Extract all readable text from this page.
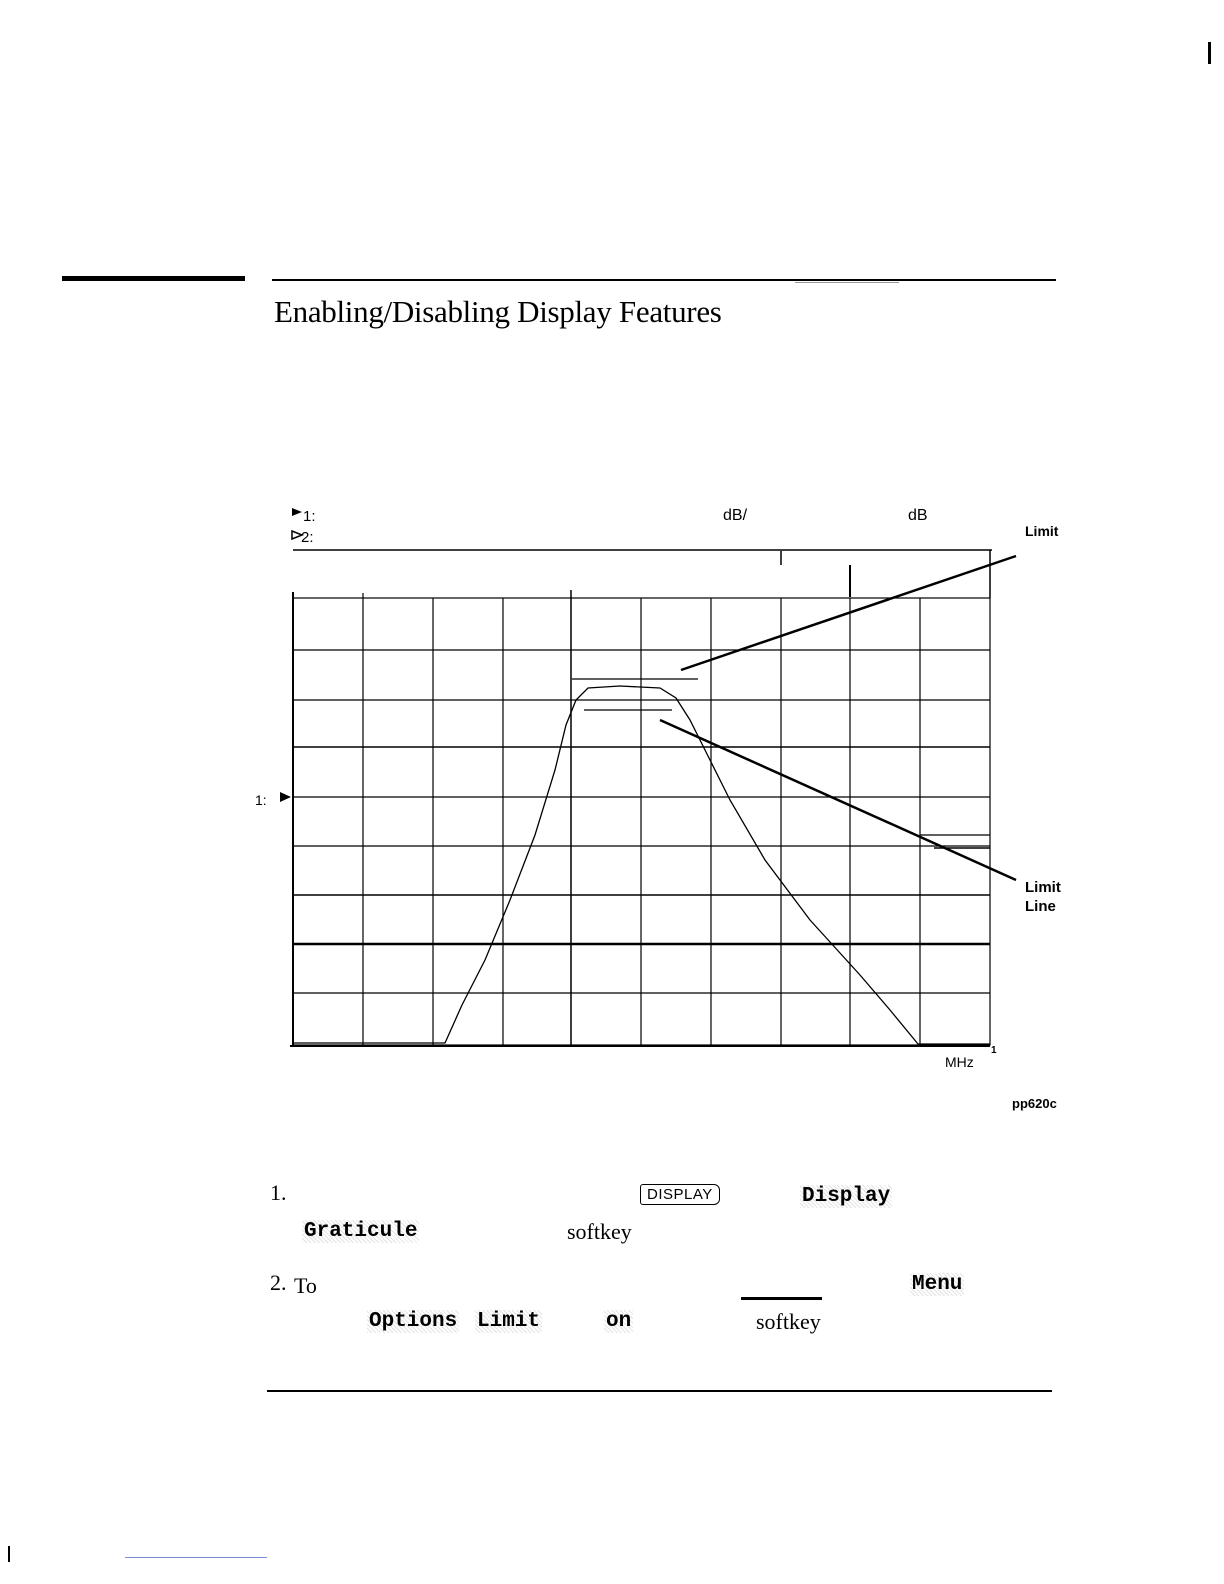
Enabling/Disabling Display Features
1:
2:
dB/	dB
Limit
1:
1
MHz
Limit
Line
pp620c
1.	DISPLAY	Display
Graticule	softkey
2. To	Menu
Options Limit	on	softkey
